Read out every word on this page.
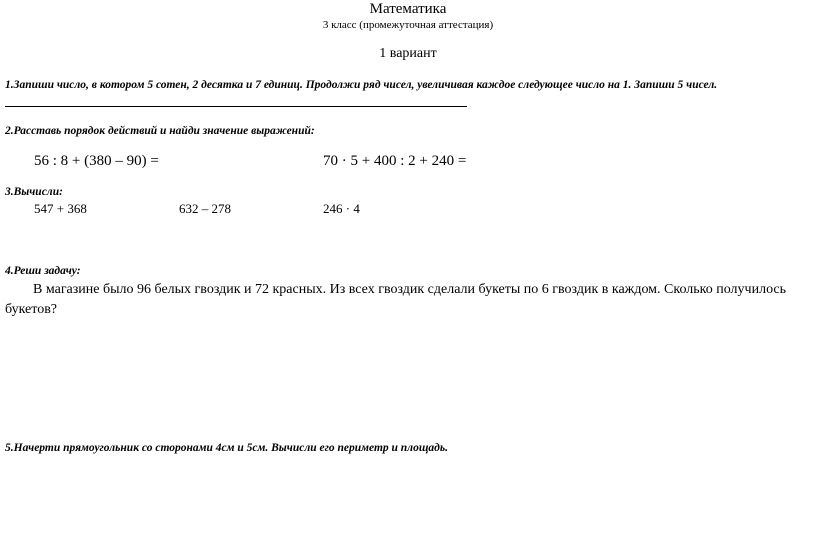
Математика
3 класс (промежуточная аттестация)
1 вариант
1.Запиши число, в котором 5 сотен, 2 десятка и 7 единиц. Продолжи ряд чисел, увеличивая каждое следующее число на 1. Запиши 5 чисел.
2.Расставь порядок действий и найди значение выражений:
56 : 8 + (380 – 90) =	70 · 5 + 400 : 2 + 240 =
3.Вычисли:
547 + 368	632 – 278	246 · 4
4.Реши задачу:
В магазине было 96 белых гвоздик и 72 красных. Из всех гвоздик сделали букеты по 6 гвоздик в каждом. Сколько получилось букетов?
5.Начерти прямоугольник со сторонами 4см и 5см. Вычисли его периметр и площадь.
